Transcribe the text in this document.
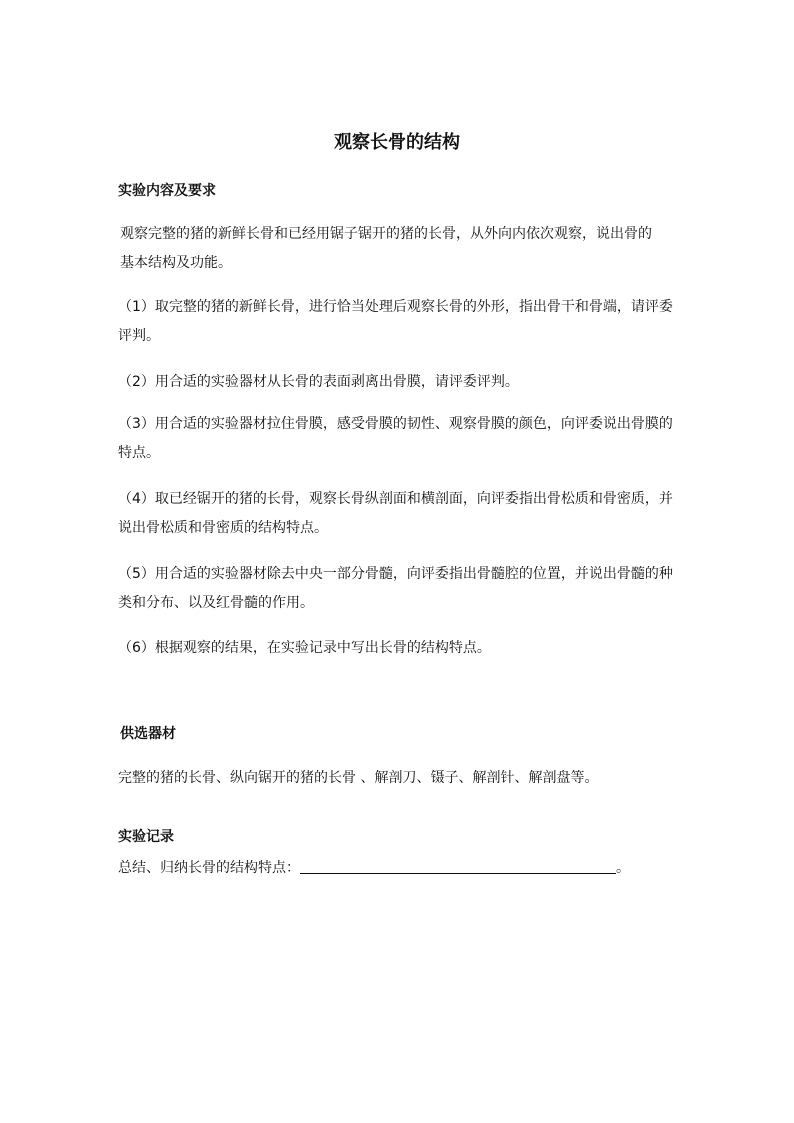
观察长骨的结构
实验内容及要求
观察完整的猪的新鲜长骨和已经用锯子锯开的猪的长骨，从外向内依次观察，说出骨的基本结构及功能。
（1）取完整的猪的新鲜长骨，进行恰当处理后观察长骨的外形，指出骨干和骨端，请评委评判。
（2）用合适的实验器材从长骨的表面剥离出骨膜，请评委评判。
（3）用合适的实验器材拉住骨膜，感受骨膜的韧性、观察骨膜的颜色，向评委说出骨膜的特点。
（4）取已经锯开的猪的长骨，观察长骨纵剖面和横剖面，向评委指出骨松质和骨密质，并说出骨松质和骨密质的结构特点。
（5）用合适的实验器材除去中央一部分骨髓，向评委指出骨髓腔的位置，并说出骨髓的种类和分布、以及红骨髓的作用。
（6）根据观察的结果，在实验记录中写出长骨的结构特点。
供选器材
完整的猪的长骨、纵向锯开的猪的长骨 、解剖刀、镊子、解剖针、解剖盘等。
实验记录
总结、归纳长骨的结构特点：	。
